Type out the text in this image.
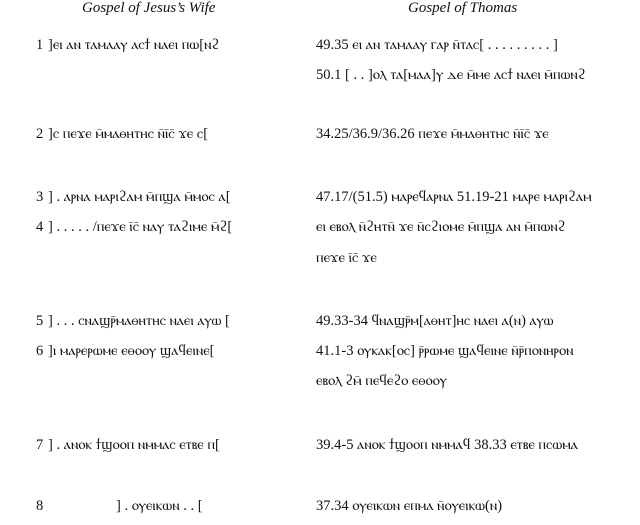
Gospel of Jesus’s Wife	Gospel of Thomas
1
2
3
4
5
6
7
8
]ⲉⲓ ⲁⲛ ⲧⲁⲙⲁⲁⲩ ⲁⲥϯ ⲛⲁⲉⲓ ⲡⲱ[ⲛϩ
]ⲥ ⲡⲉϫⲉ ⲙ̄ⲙⲁⲑⲏⲧⲏⲥ ⲛ̄ⲓ̄ⲥ̄ ϫⲉ ⲥ[
] . ⲁⲣⲛⲁ ⲙⲁⲣⲓϩⲁⲙ ⲙ̄ⲡϣⲁ ⲙ̄ⲙⲟⲥ ⲁ[
] . . . . . /ⲡⲉϫⲉ ⲓ̄ⲥ̄ ⲛⲁⲩ ⲧⲁϩⲓⲙⲉ ⲙ̄ϩ[
] . . . ⲥⲛⲁϣⲣ̄ⲙⲁⲑⲏⲧⲏⲥ ⲛⲁⲉⲓ ⲁⲩⲱ [
]ⲓ ⲙⲁⲣⲉⲣⲱⲙⲉ ⲉⲑⲟⲟⲩ ϣⲁϥⲉⲓⲛⲉ[
] . ⲁⲛⲟⲕ ϯϣⲟⲟⲡ ⲛⲙⲙⲁⲥ ⲉⲧⲃⲉ ⲡ[
] . ⲟⲩⲉⲓⲕⲱⲛ . . [
49.35 ⲉⲓ ⲁⲛ ⲧⲁⲙⲁⲁⲩ ⲅⲁⲣ ⲛ̄ⲧⲁⲥ[ . . . . . . . . . ]
50.1 [ . . ]ⲟⲗ ⲧⲁ[ⲙⲁⲁ]ⲩ ⲇⲉ ⲙ̄ⲙⲉ ⲁⲥϯ ⲛⲁⲉⲓ ⲙ̄ⲡⲱⲛϩ
34.25/36.9/36.26 ⲡⲉϫⲉ ⲙ̄ⲙⲁⲑⲏⲧⲏⲥ ⲛ̄ⲓ̄ⲥ̄ ϫⲉ
47.17/(51.5) ⲙⲁⲣⲉϥⲁⲣⲛⲁ 51.19-21 ⲙⲁⲣⲉ ⲙⲁⲣⲓϩⲁⲙ
ⲉⲓ ⲉⲃⲟⲗ ⲛ̄ϩⲏⲧⲛ̄ ϫⲉ ⲛ̄ⲥϩⲓⲟⲙⲉ ⲙ̄ⲡϣⲁ ⲁⲛ ⲙ̄ⲡⲱⲛϩ
ⲡⲉϫⲉ ⲓ̄ⲥ̄ ϫⲉ
49.33-34 ϥⲛⲁϣⲣ̄ⲙ[ⲁⲑⲏⲧ]ⲏⲥ ⲛⲁⲉⲓ ⲁ(ⲛ) ⲁⲩⲱ
41.1-3 ⲟⲩⲕⲁⲕ[ⲟⲥ] ⲣ̄ⲣⲱⲙⲉ ϣⲁϥⲉⲓⲛⲉ ⲛ̄ⲣ̄ⲡⲟⲛⲏⲣⲟⲛ
ⲉⲃⲟⲗ ϩⲙ̄ ⲡⲉϥⲉϩⲟ ⲉⲑⲟⲟⲩ
39.4-5 ⲁⲛⲟⲕ ϯϣⲟⲟⲡ ⲛⲙⲙⲁϥ 38.33 ⲉⲧⲃⲉ ⲡⲥⲱⲙⲁ
37.34 ⲟⲩⲉⲓⲕⲱⲛ ⲉⲡⲙⲁ ⲛ̄ⲟⲩⲉⲓⲕⲱ(ⲛ)
